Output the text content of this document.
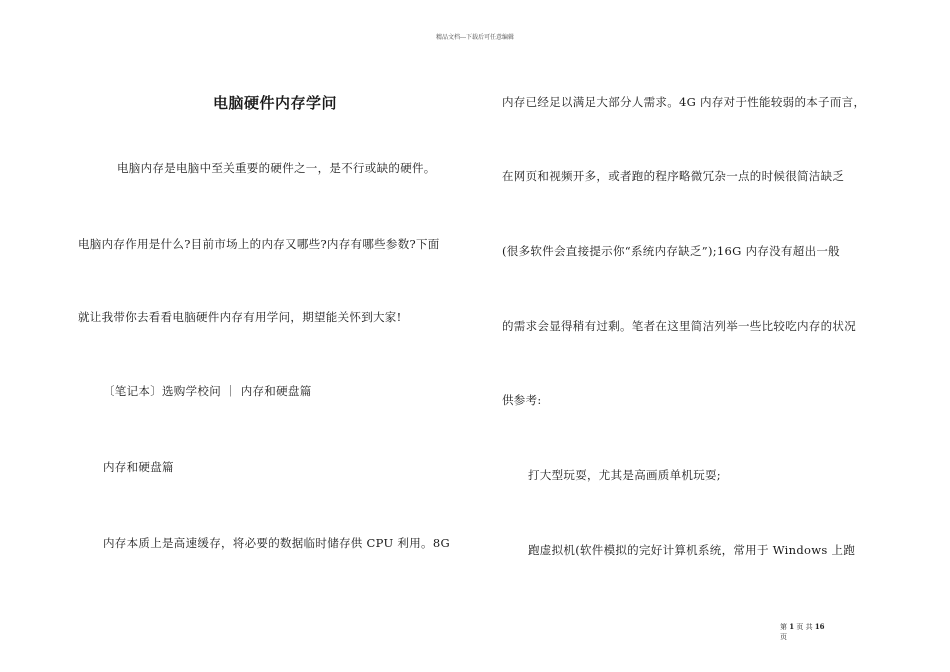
精品文档---下载后可任意编辑
电脑硬件内存学问
电脑内存是电脑中至关重要的硬件之一，是不行或缺的硬件。
电脑内存作用是什么?目前市场上的内存又哪些?内存有哪些参数?下面
就让我带你去看看电脑硬件内存有用学问，期望能关怀到大家!
〔笔记本〕选购学校问 ｜ 内存和硬盘篇
内存和硬盘篇
内存本质上是高速缓存，将必要的数据临时储存供 CPU 利用。8G
内存已经足以满足大部分人需求。4G 内存对于性能较弱的本子而言，
在网页和视频开多，或者跑的程序略微冗杂一点的时候很简洁缺乏
(很多软件会直接提示你“系统内存缺乏”);16G 内存没有超出一般
的需求会显得稍有过剩。笔者在这里简洁列举一些比较吃内存的状况
供参考:
打大型玩耍，尤其是高画质单机玩耍;
跑虚拟机(软件模拟的完好计算机系统，常用于 Windows 上跑
第 1 页 共 16
页
